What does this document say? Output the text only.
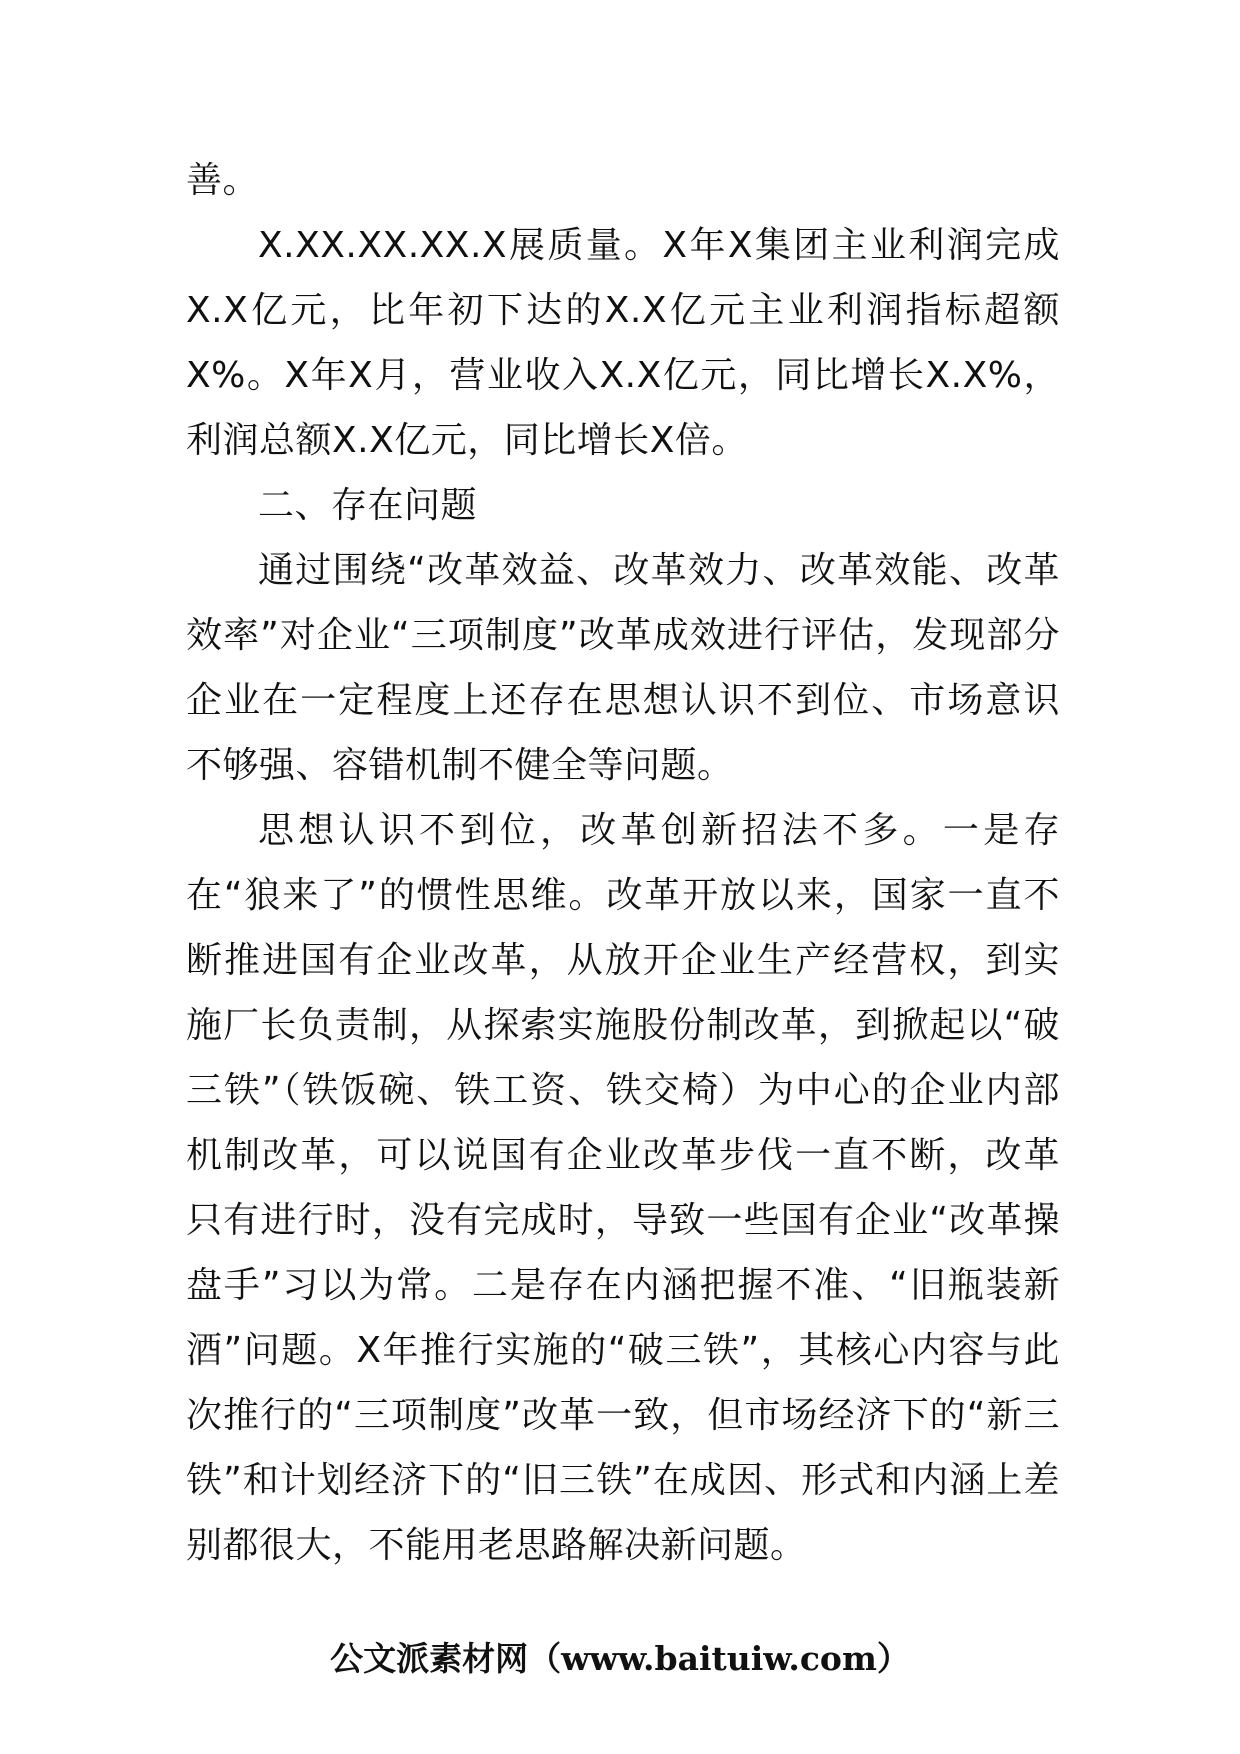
善。

X.XX.XX.XX.X展质量。X年X集团主业利润完成X.X亿元，比年初下达的X.X亿元主业利润指标超额X%。X年X月，营业收入X.X亿元，同比增长X.X%，利润总额X.X亿元，同比增长X倍。

二、存在问题

通过围绕“改革效益、改革效力、改革效能、改革效率”对企业“三项制度”改革成效进行评估，发现部分企业在一定程度上还存在思想认识不到位、市场意识不够强、容错机制不健全等问题。

思想认识不到位，改革创新招法不多。一是存在“狼来了”的惯性思维。改革开放以来，国家一直不断推进国有企业改革，从放开企业生产经营权，到实施厂长负责制，从探索实施股份制改革，到掀起以“破三铁”（铁饭碗、铁工资、铁交椅）为中心的企业内部机制改革，可以说国有企业改革步伐一直不断，改革只有进行时，没有完成时，导致一些国有企业“改革操盘手”习以为常。二是存在内涵把握不准、“旧瓶装新酒”问题。X年推行实施的“破三铁”，其核心内容与此次推行的“三项制度”改革一致，但市场经济下的“新三铁”和计划经济下的“旧三铁”在成因、形式和内涵上差别都很大，不能用老思路解决新问题。

公文派素材网（www.baituiw.com）
